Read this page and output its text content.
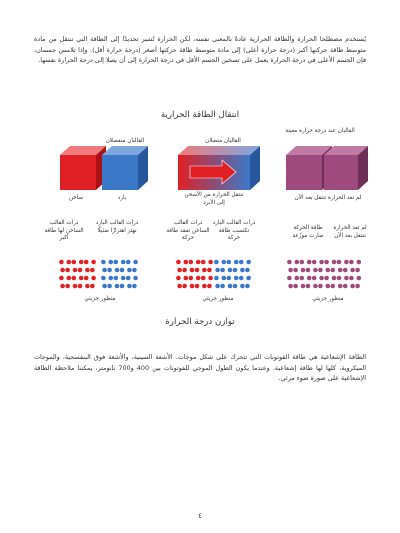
يُستخدم مصطلحا الحرارة والطاقة الحرارية عادةً بالمعنى نفسه، لكن الحرارة تُشير تحديدًا إلى الطاقة التي تنتقل من مادة متوسط طاقة حركتها أكبر (درجة حرارة أعلى) إلى مادة متوسط طاقة حركتها أصغر (درجة حرارة أقل). وإذا تلامس جسمان، فإن الجسم الأعلى في درجة الحرارة يعمل على تسخين الجسم الأقل في درجة الحرارة إلى أن يصلا إلى درجة الحرارة نفسها.
انتقال الطاقة الحرارية
القالبان منفصلان	القالبان متصلان
القالبان عند درجة حرارة معينة
ساخن	بارد	تنتقل الحرارة من الأسخن إلى الأبرد
لم تعد الحرارة تنتقل بعد الآن
ذرات القالب الساخن لها طاقة أكبر
ذرات القالب البارد تهتز اهتزازًا ضئيلًا
ذرات القالب الساخن تفقد طاقة حركة
ذرات القالب البارد تكتسب طاقة حركة
طاقة الحركة صارت موزّعة
لم تعد الحرارة تنتقل بعد الآن
منظور جزيئي	منظور جزيئي	منظور جزيئي
توازن درجة الحرارة
الطاقة الإشعاعية هي طاقة الفوتونات التي تتحرك على شكل موجات. الأشعة السينية، والأشعة فوق البنفسجية، والموجات الميكروية، كلها لها طاقة إشعاعية. وعندما يكون الطول الموجي للفوتونات بين 400 و700 نانومتر، يمكننا ملاحظة الطاقة الإشعاعية على صورة ضوء مرئي.
٤
